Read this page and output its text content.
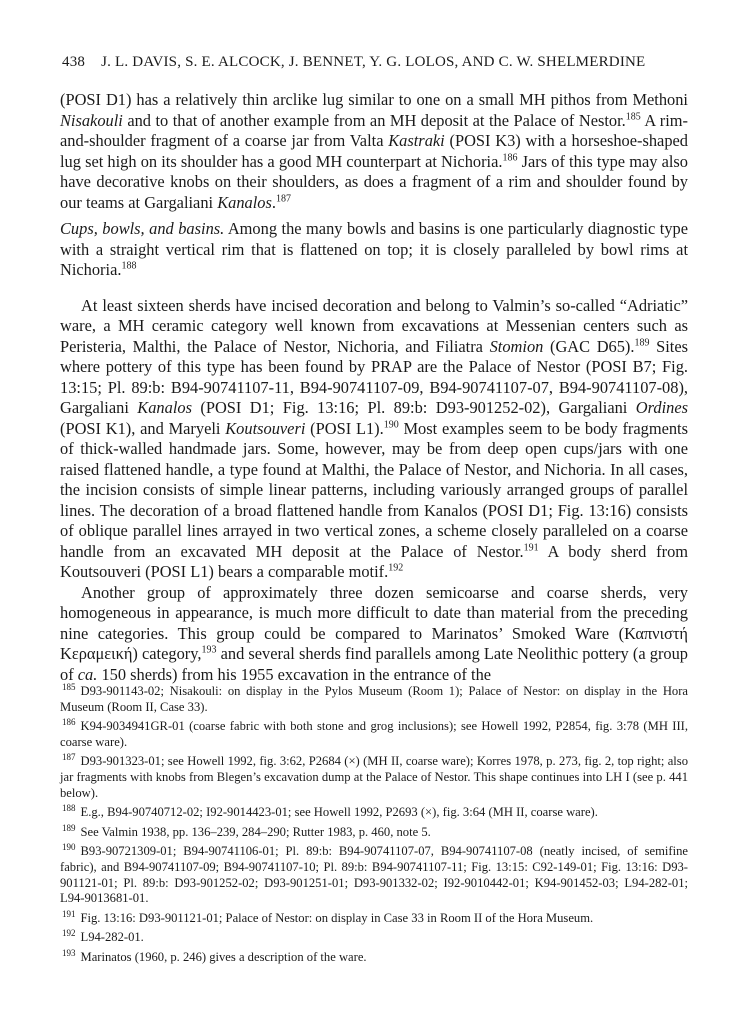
438 J. L. DAVIS, S. E. ALCOCK, J. BENNET, Y. G. LOLOS, AND C. W. SHELMERDINE

(POSI D1) has a relatively thin arclike lug similar to one on a small MH pithos from Methoni Nisakouli and to that of another example from an MH deposit at the Palace of Nestor.$^{185}$ A rim-and-shoulder fragment of a coarse jar from Valta Kastraki (POSI K3) with a horseshoe-shaped lug set high on its shoulder has a good MH counterpart at Nichoria.$^{186}$ Jars of this type may also have decorative knobs on their shoulders, as does a fragment of a rim and shoulder found by our teams at Gargaliani Kanalos.$^{187}$

Cups, bowls, and basins. Among the many bowls and basins is one particularly diagnostic type with a straight vertical rim that is flattened on top; it is closely paralleled by bowl rims at Nichoria.$^{188}$

At least sixteen sherds have incised decoration and belong to Valmin’s so-called “Adriatic” ware, a MH ceramic category well known from excavations at Messenian centers such as Peristeria, Malthi, the Palace of Nestor, Nichoria, and Filiatra Stomion (GAC D65).$^{189}$ Sites where pottery of this type has been found by PRAP are the Palace of Nestor (POSI B7; Fig. 13:15; Pl. 89:b: B94-90741107-11, B94-90741107-09, B94-90741107-07, B94-90741107-08), Gargaliani Kanalos (POSI D1; Fig. 13:16; Pl. 89:b: D93-901252-02), Gargaliani Ordines (POSI K1), and Maryeli Koutsouveri (POSI L1).$^{190}$ Most examples seem to be body fragments of thick-walled handmade jars. Some, however, may be from deep open cups/jars with one raised flattened handle, a type found at Malthi, the Palace of Nestor, and Nichoria. In all cases, the incision consists of simple linear patterns, including variously arranged groups of parallel lines. The decoration of a broad flattened handle from Kanalos (POSI D1; Fig. 13:16) consists of oblique parallel lines arrayed in two vertical zones, a scheme closely paralleled on a coarse handle from an excavated MH deposit at the Palace of Nestor.$^{191}$ A body sherd from Koutsouveri (POSI L1) bears a comparable motif.$^{192}$

Another group of approximately three dozen semicoarse and coarse sherds, very homogeneous in appearance, is much more difficult to date than material from the preceding nine categories. This group could be compared to Marinatos’ Smoked Ware (Καπνιστή Κεραμεική) category,$^{193}$ and several sherds find parallels among Late Neolithic pottery (a group of ca. 150 sherds) from his 1955 excavation in the entrance of the

$^{185}$ D93-901143-02; Nisakouli: on display in the Pylos Museum (Room 1); Palace of Nestor: on display in the Hora Museum (Room II, Case 33).

$^{186}$ K94-9034941GR-01 (coarse fabric with both stone and grog inclusions); see Howell 1992, P2854, fig. 3:78 (MH III, coarse ware).

$^{187}$ D93-901323-01; see Howell 1992, fig. 3:62, P2684 (×) (MH II, coarse ware); Korres 1978, p. 273, fig. 2, top right; also jar fragments with knobs from Blegen’s excavation dump at the Palace of Nestor. This shape continues into LH I (see p. 441 below).

$^{188}$ E.g., B94-90740712-02; I92-9014423-01; see Howell 1992, P2693 (×), fig. 3:64 (MH II, coarse ware).

$^{189}$ See Valmin 1938, pp. 136–239, 284–290; Rutter 1983, p. 460, note 5.

$^{190}$ B93-90721309-01; B94-90741106-01; Pl. 89:b: B94-90741107-07, B94-90741107-08 (neatly incised, of semifine fabric), and B94-90741107-09; B94-90741107-10; Pl. 89:b: B94-90741107-11; Fig. 13:15: C92-149-01; Fig. 13:16: D93-901121-01; Pl. 89:b: D93-901252-02; D93-901251-01; D93-901332-02; I92-9010442-01; K94-901452-03; L94-282-01; L94-9013681-01.

$^{191}$ Fig. 13:16: D93-901121-01; Palace of Nestor: on display in Case 33 in Room II of the Hora Museum.

$^{192}$ L94-282-01.

$^{193}$ Marinatos (1960, p. 246) gives a description of the ware.
